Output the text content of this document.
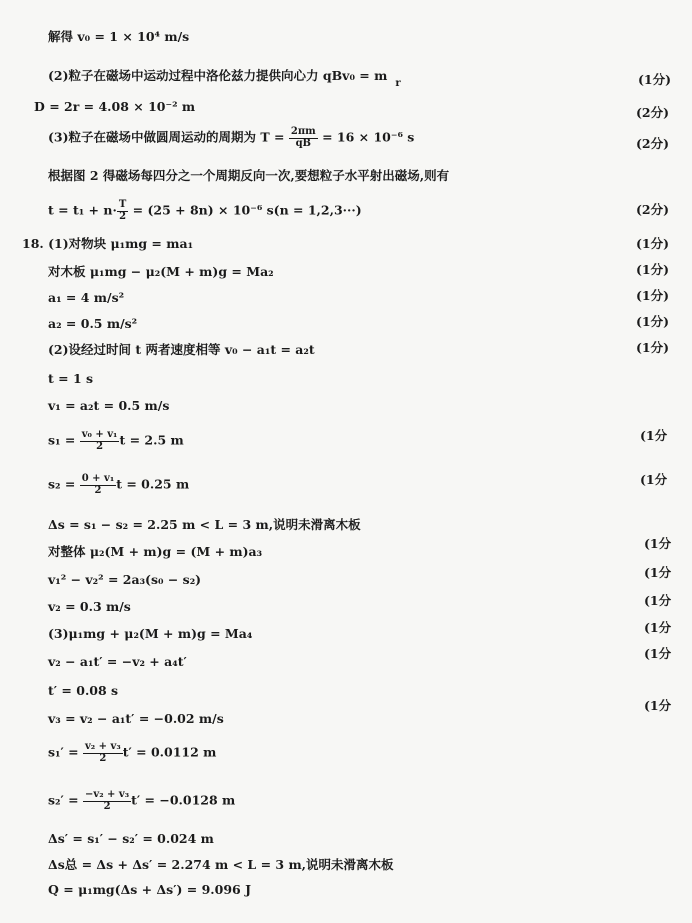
解得 v₀ = 1 × 10⁴ m/s
(2)粒子在磁场中运动过程中洛伦兹力提供向心力 $qBv_0 = m_r$
D = 2r = 4.08 × 10⁻² m
(3)粒子在磁场中做圆周运动的周期为 $T = \frac{2\pi m}{qB} = 16 \times 10^{-6}$ s
根据图 2 得磁场每四分之一个周期反向一次,要想粒子水平射出磁场,则有
$t = t_1 + n\cdot \frac{T}{2} = (25 + 8n) \times 10^{-6}$ s(n = 1,2,3···)
18. (1)对物块 μ₁mg = ma₁
对木板 μ₁mg − μ₂(M + m)g = Ma₂
a₁ = 4 m/s²
a₂ = 0.5 m/s²
(2)设经过时间 t 两者速度相等 v₀ − a₁t = a₂t
t = 1 s
v₁ = a₂t = 0.5 m/s
$s_1 = \frac{\text{v₀ + v₁}}{2}$ t = 2.5 m
$s_2 = \frac{\text{0 + v₁}}{2}$ t = 0.25 m
Δs = s₁ − s₂ = 2.25 m < L = 3 m,说明未滑离木板
对整体 μ₂(M + m)g = (M + m)a₃
v₁² − v₂² = 2a₃(s₀ − s₂)
v₂ = 0.3 m/s
(3)μ₁mg + μ₂(M + m)g = Ma₄
v₂ − a₁t′ = −v₂ + a₄t′
t′ = 0.08 s
v₃ = v₂ − a₁t′ = −0.02 m/s
$s_1' = \frac{\text{v₂ + v₃}}{2} t' = 0.0112$ m
$s_2' = \frac{\text{−v₂ + v₃}}{2} t' = -0.0128$ m
Δs′ = s₁′ − s₂′ = 0.024 m
Δs总 = Δs + Δs′ = 2.274 m < L = 3 m,说明未滑离木板
Q = μ₁mg(Δs + Δs′) = 9.096 J
(1分)
(2分)
(2分)
(2分)
(1分)
(1分)
(1分)
(1分)
(1分)
(1分
(1分
(1分
(1分
(1分
(1分
(1分
(1分
